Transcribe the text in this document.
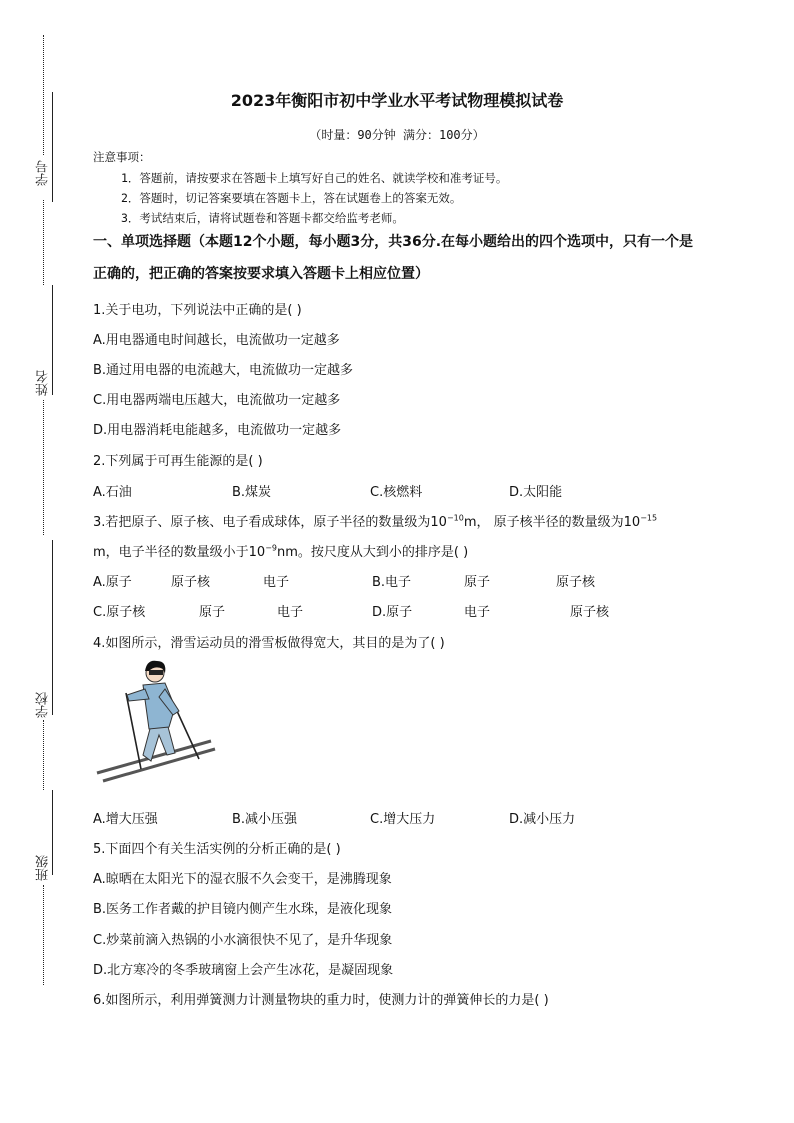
学号
姓名
学校
班级
2023年衡阳市初中学业水平考试物理模拟试卷
（时量：90分钟 满分：100分）
注意事项：
1．答题前，请按要求在答题卡上填写好自己的姓名、就读学校和准考证号。
2．答题时，切记答案要填在答题卡上，答在试题卷上的答案无效。
3．考试结束后，请将试题卷和答题卡都交给监考老师。
一、单项选择题（本题12个小题，每小题3分，共36分.在每小题给出的四个选项中，只有一个是
正确的，把正确的答案按要求填入答题卡上相应位置）
1.关于电功，下列说法中正确的是( )
A.用电器通电时间越长，电流做功一定越多
B.通过用电器的电流越大，电流做功一定越多
C.用电器两端电压越大，电流做功一定越多
D.用电器消耗电能越多，电流做功一定越多
2.下列属于可再生能源的是( )
A.石油	B.煤炭	C.核燃料	D.太阳能
3.若把原子、原子核、电子看成球体，原子半径的数量级为$10^{-10}m$， 原子核半径的数量级为$10^{-15}$
m，电子半径的数量级小于$10^{-9}nm$。按尺度从大到小的排序是( )
A.原子	原子核	电子	B.电子	原子	原子核
C.原子核	原子	电子	D.原子	电子	原子核
4.如图所示，滑雪运动员的滑雪板做得宽大，其目的是为了( )
A.增大压强	B.减小压强	C.增大压力	D.减小压力
5.下面四个有关生活实例的分析正确的是( )
A.晾晒在太阳光下的湿衣服不久会变干，是沸腾现象
B.医务工作者戴的护目镜内侧产生水珠，是液化现象
C.炒菜前滴入热锅的小水滴很快不见了，是升华现象
D.北方寒冷的冬季玻璃窗上会产生冰花，是凝固现象
6.如图所示，利用弹簧测力计测量物块的重力时，使测力计的弹簧伸长的力是( )
